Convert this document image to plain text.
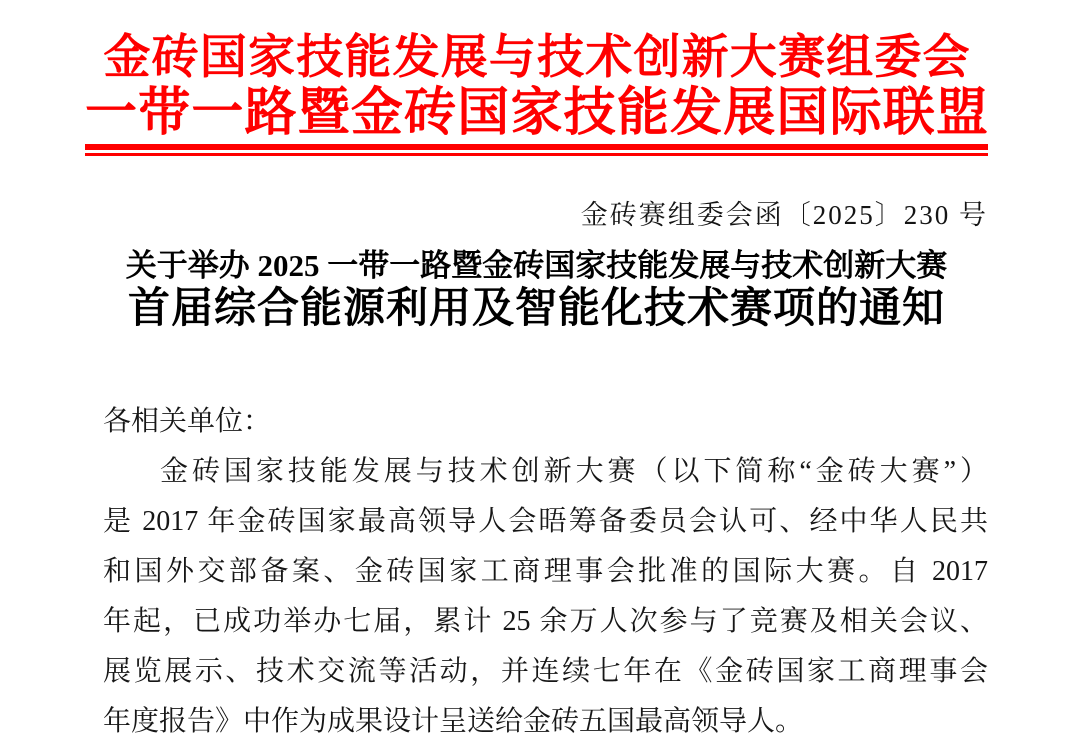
金砖国家技能发展与技术创新大赛组委会
一带一路暨金砖国家技能发展国际联盟
金砖赛组委会函〔2025〕230 号
关于举办 2025 一带一路暨金砖国家技能发展与技术创新大赛
首届综合能源利用及智能化技术赛项的通知
各相关单位：
金砖国家技能发展与技术创新大赛（以下简称“金砖大赛”）
是 2017 年金砖国家最高领导人会晤筹备委员会认可、经中华人民共
和国外交部备案、金砖国家工商理事会批准的国际大赛。自 2017
年起，已成功举办七届，累计 25 余万人次参与了竞赛及相关会议、
展览展示、技术交流等活动，并连续七年在《金砖国家工商理事会
年度报告》中作为成果设计呈送给金砖五国最高领导人。
